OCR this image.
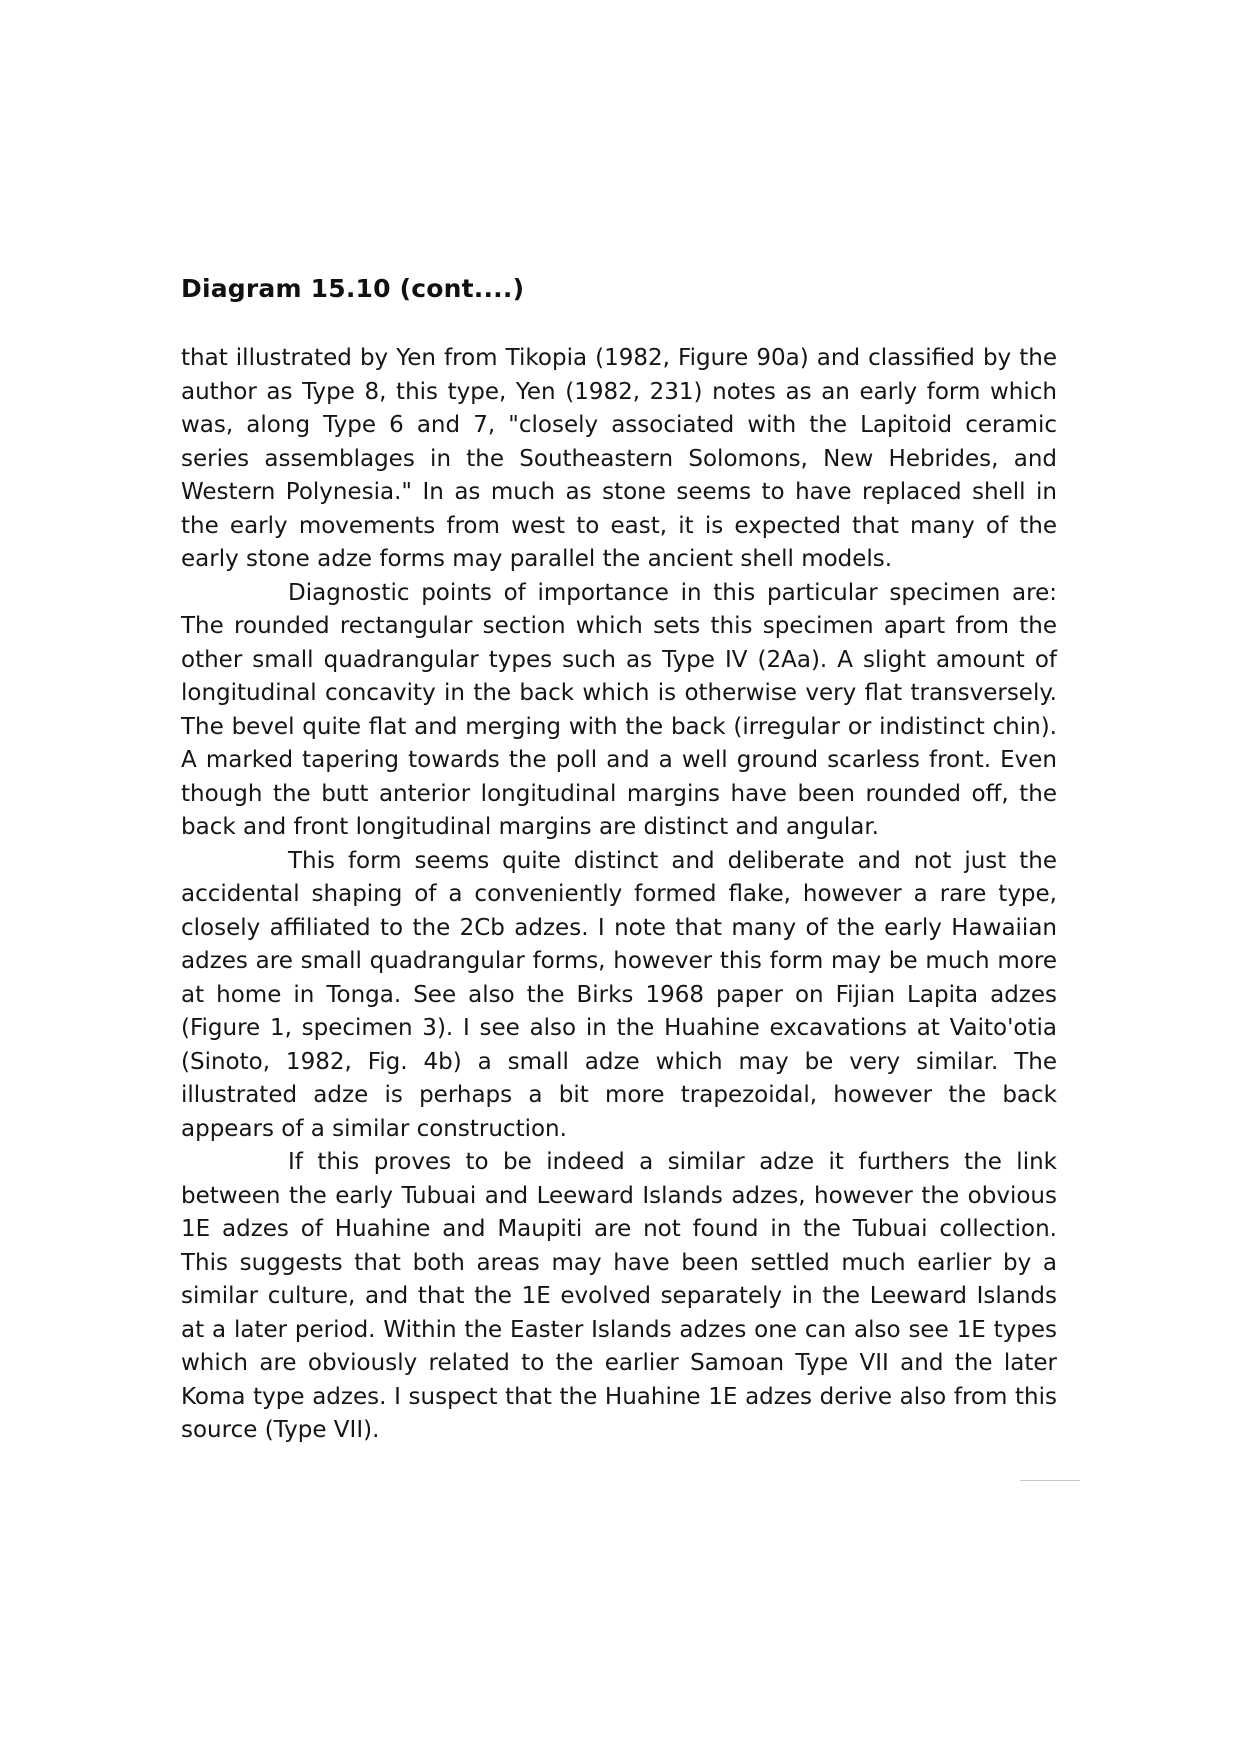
Diagram 15.10 (cont....)

that illustrated by Yen from Tikopia (1982, Figure 90a) and classified by the author as Type 8, this type, Yen (1982, 231) notes as an early form which was, along Type 6 and 7, "closely associated with the Lapitoid ceramic series assemblages in the Southeastern Solomons, New Hebrides, and Western Polynesia." In as much as stone seems to have replaced shell in the early movements from west to east, it is expected that many of the early stone adze forms may parallel the ancient shell models.

Diagnostic points of importance in this particular specimen are: The rounded rectangular section which sets this specimen apart from the other small quadrangular types such as Type IV (2Aa). A slight amount of longitudinal concavity in the back which is otherwise very flat transversely. The bevel quite flat and merging with the back (irregular or indistinct chin). A marked tapering towards the poll and a well ground scarless front. Even though the butt anterior longitudinal margins have been rounded off, the back and front longitudinal margins are distinct and angular.

This form seems quite distinct and deliberate and not just the accidental shaping of a conveniently formed flake, however a rare type, closely affiliated to the 2Cb adzes. I note that many of the early Hawaiian adzes are small quadrangular forms, however this form may be much more at home in Tonga. See also the Birks 1968 paper on Fijian Lapita adzes (Figure 1, specimen 3). I see also in the Huahine excavations at Vaito'otia (Sinoto, 1982, Fig. 4b) a small adze which may be very similar. The illustrated adze is perhaps a bit more trapezoidal, however the back appears of a similar construction.

If this proves to be indeed a similar adze it furthers the link between the early Tubuai and Leeward Islands adzes, however the obvious 1E adzes of Huahine and Maupiti are not found in the Tubuai collection. This suggests that both areas may have been settled much earlier by a similar culture, and that the 1E evolved separately in the Leeward Islands at a later period. Within the Easter Islands adzes one can also see 1E types which are obviously related to the earlier Samoan Type VII and the later Koma type adzes. I suspect that the Huahine 1E adzes derive also from this source (Type VII).
